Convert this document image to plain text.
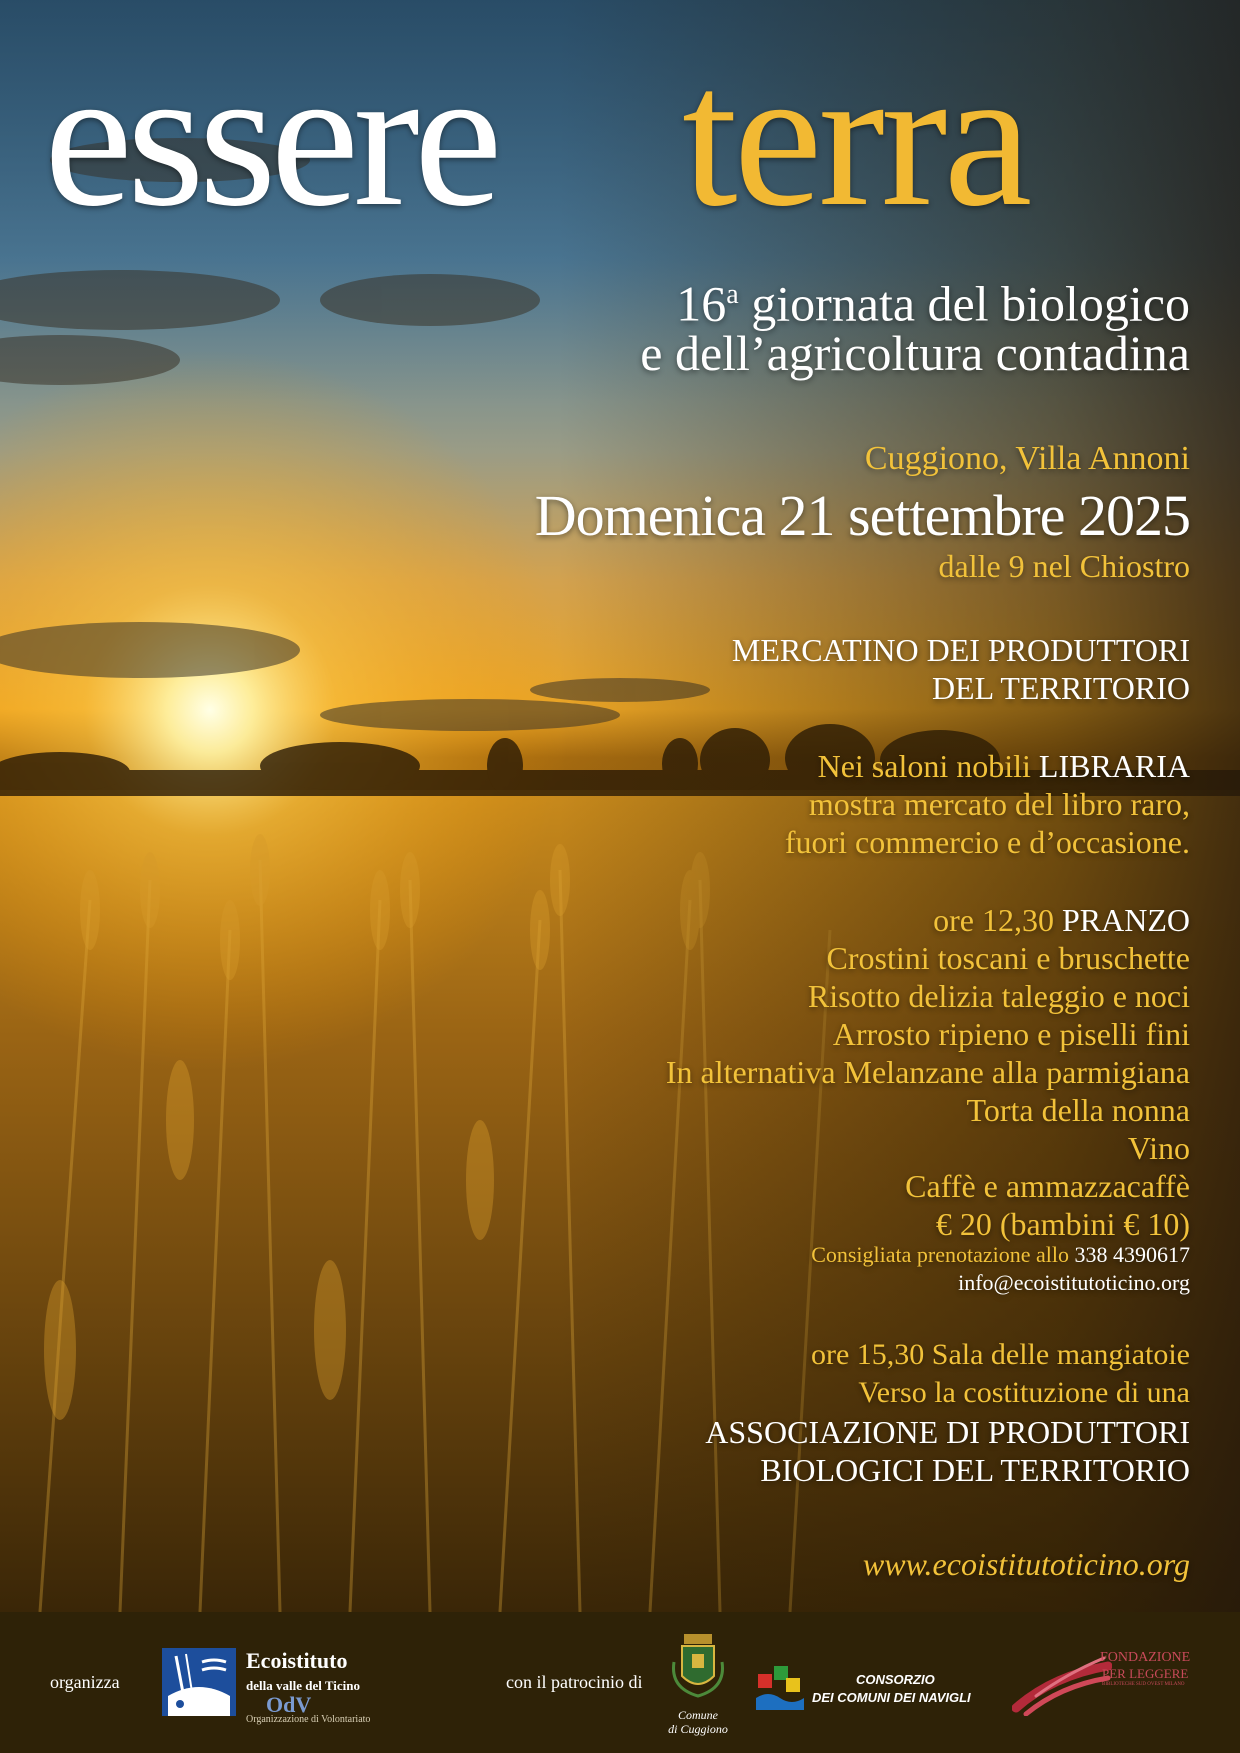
essere terra
16$^a$ giornata del biologico
e dell’agricoltura contadina
Cuggiono, Villa Annoni
Domenica 21 settembre 2025
dalle 9 nel Chiostro
MERCATINO DEI PRODUTTORI
DEL TERRITORIO
Nei saloni nobili LIBRARIA
mostra mercato del libro raro,
fuori commercio e d’occasione.
ore 12,30 PRANZO
Crostini toscani e bruschette
Risotto delizia taleggio e noci
Arrosto ripieno e piselli fini
In alternativa Melanzane alla parmigiana
Torta della nonna
Vino
Caffè e ammazzacaffè
€ 20 (bambini € 10)
Consigliata prenotazione allo 338 4390617
info@ecoistitutoticino.org
ore 15,30 Sala delle mangiatoie
Verso la costituzione di una
ASSOCIAZIONE DI PRODUTTORI
BIOLOGICI DEL TERRITORIO
www.ecoistitutoticino.org
organizza
Ecoistituto
della valle del Ticino
OdV
Organizzazione di Volontariato
con il patrocinio di
Comune
di Cuggiono
CONSORZIO
DEI COMUNI DEI NAVIGLI
FONDAZIONE
PER LEGGERE
BIBLIOTECHE SUD OVEST MILANO
